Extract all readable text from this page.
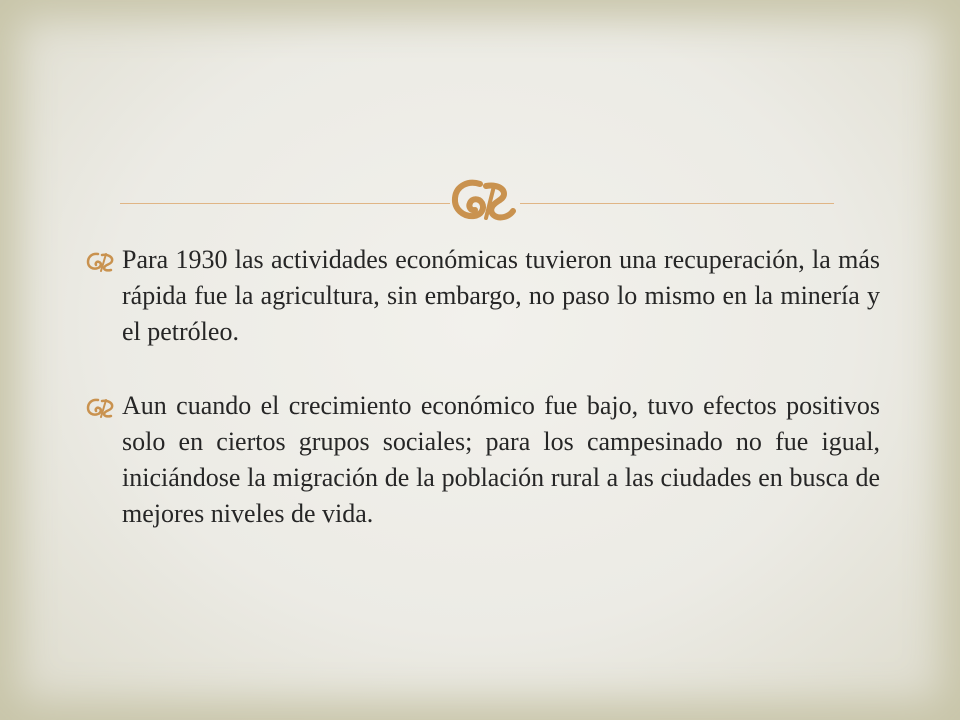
Para 1930 las actividades económicas tuvieron una recuperación, la más rápida fue la agricultura, sin embargo, no paso lo mismo en la minería y el petróleo.
Aun cuando el crecimiento económico fue bajo, tuvo efectos positivos solo en ciertos grupos sociales; para los campesinado no fue igual, iniciándose la migración de la población rural a las ciudades en busca de mejores niveles de vida.
